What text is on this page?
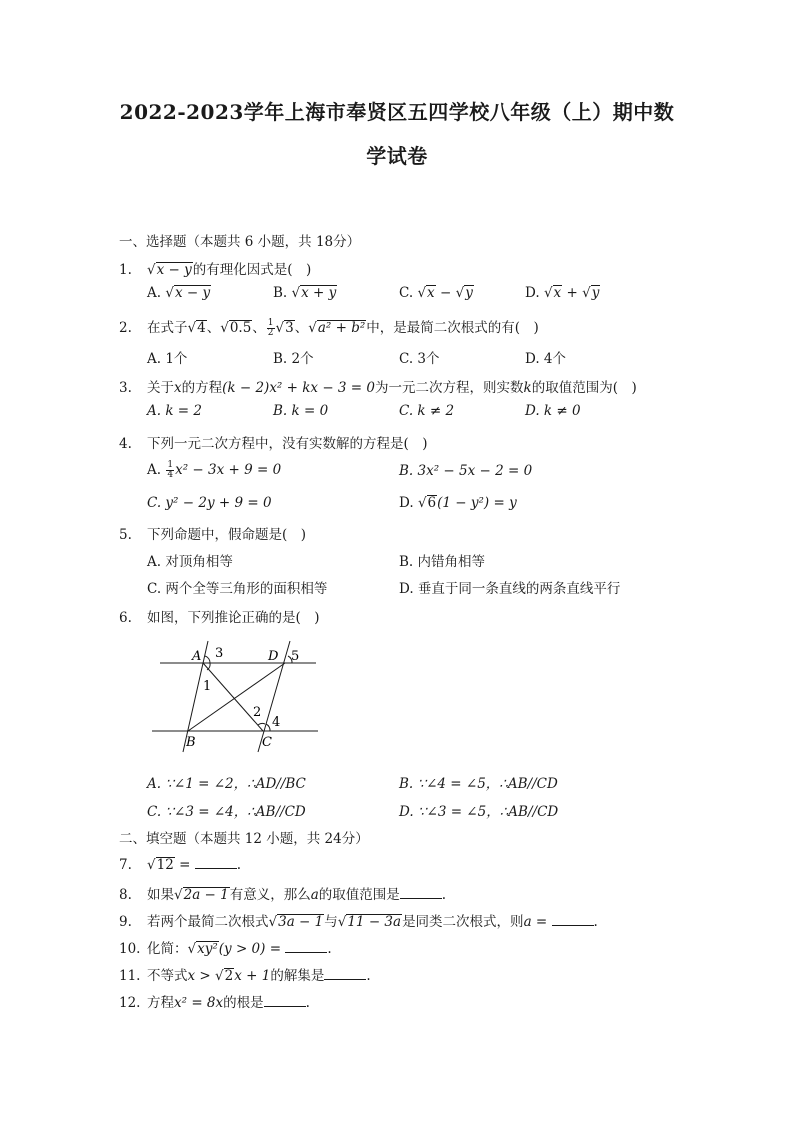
2022-2023学年上海市奉贤区五四学校八年级（上）期中数
学试卷
一、选择题（本题共 6 小题，共 18分）
1. √x − y的有理化因式是(　)
A. √x − y	B. √x + y	C. √x − √y	D. √x + √y
2. 在式子√4、√0.5、 $\frac{1}{2} √3$、√a² + b²中，是最简二次根式的有(　)
A. 1个	B. 2个	C. 3个	D. 4个
3. 关于x的方程(k − 2)x² + kx − 3 = 0为一元二次方程，则实数k的取值范围为(　)
A. k = 2	B. k = 0	C. k ≠ 2	D. k ≠ 0
4. 下列一元二次方程中，没有实数解的方程是(　)
A. $\frac{1}{4} x^2 - 3x + 9 = 0$	B. 3x² − 5x − 2 = 0
C. y² − 2y + 9 = 0	D. √6(1 − y²) = y
5. 下列命题中，假命题是(　)
A. 对顶角相等	B. 内错角相等
C. 两个全等三角形的面积相等	D. 垂直于同一条直线的两条直线平行
6. 如图，下列推论正确的是(　)
A 3	D 5
1
2
4
B	C
A. ∵∠1 = ∠2，∴AD//BC	B. ∵∠4 = ∠5，∴AB//CD
C. ∵∠3 = ∠4，∴AB//CD	D. ∵∠3 = ∠5，∴AB//CD
二、填空题（本题共 12 小题，共 24分）
7. √12 =	.
8. 如果√2a − 1有意义，那么a的取值范围是	.
9. 若两个最简二次根式√3a − 1与√11 − 3a是同类二次根式，则a =	.
10. 化简：√xy²(y > 0) =	.
11. 不等式x > √2x + 1的解集是	.
12. 方程x² = 8x的根是	.
